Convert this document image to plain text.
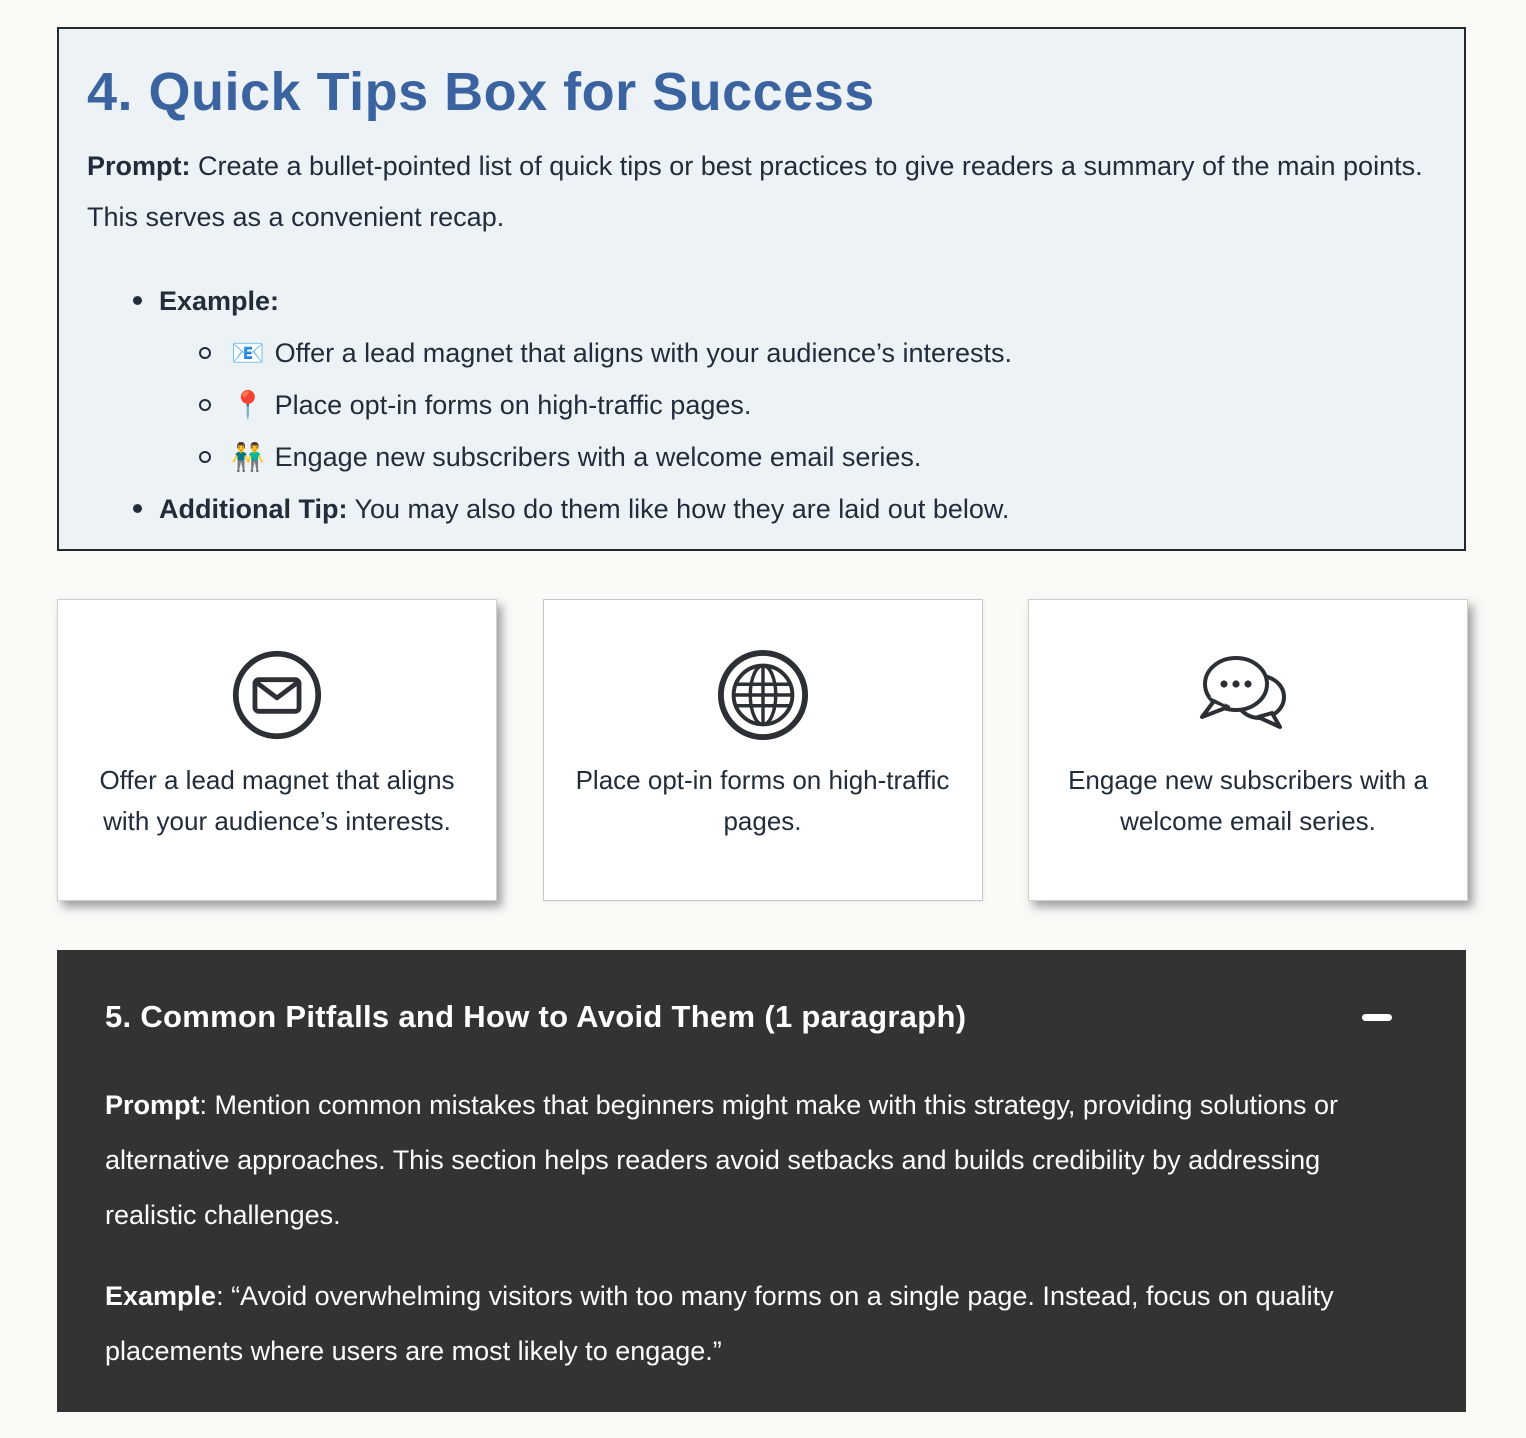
4. Quick Tips Box for Success

Prompt: Create a bullet-pointed list of quick tips or best practices to give readers a summary of the main points. This serves as a convenient recap.

Example:
📧 Offer a lead magnet that aligns with your audience’s interests.
📍 Place opt-in forms on high-traffic pages.
👬 Engage new subscribers with a welcome email series.
Additional Tip: You may also do them like how they are laid out below.

Offer a lead magnet that aligns with your audience’s interests.

Place opt-in forms on high-traffic pages.

Engage new subscribers with a welcome email series.

5. Common Pitfalls and How to Avoid Them (1 paragraph)

Prompt: Mention common mistakes that beginners might make with this strategy, providing solutions or alternative approaches. This section helps readers avoid setbacks and builds credibility by addressing realistic challenges.

Example: “Avoid overwhelming visitors with too many forms on a single page. Instead, focus on quality placements where users are most likely to engage.”
